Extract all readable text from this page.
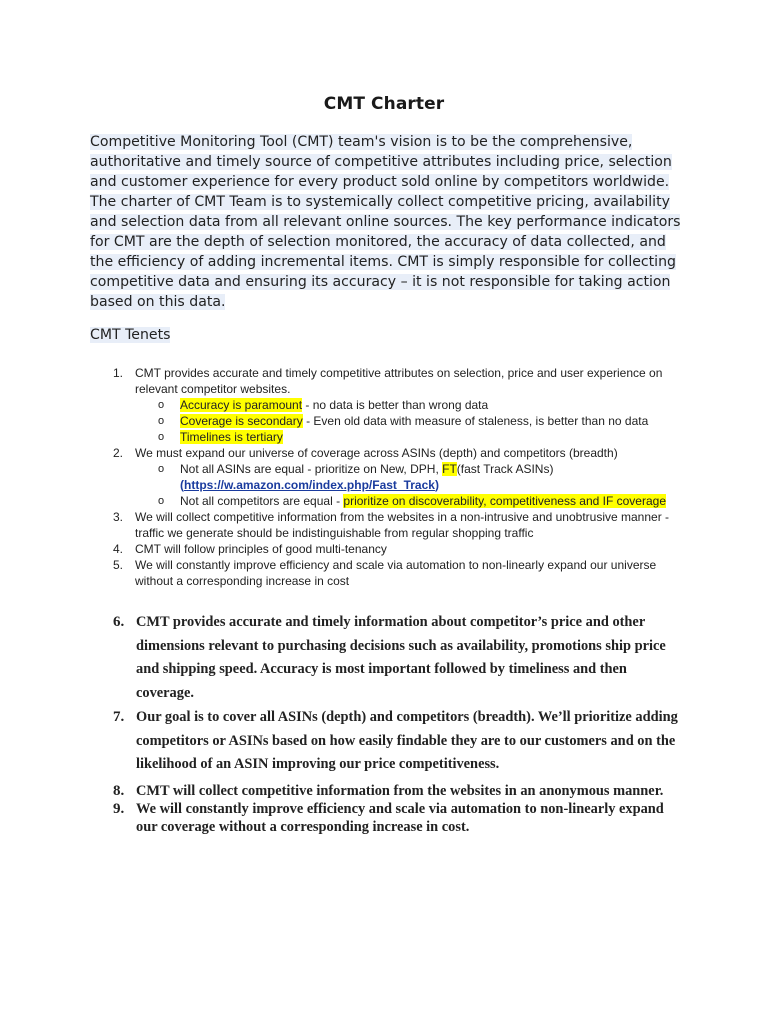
CMT Charter
Competitive Monitoring Tool (CMT) team's vision is to be the comprehensive, authoritative and timely source of competitive attributes including price, selection and customer experience for every product sold online by competitors worldwide. The charter of CMT Team is to systemically collect competitive pricing, availability and selection data from all relevant online sources. The key performance indicators for CMT are the depth of selection monitored, the accuracy of data collected, and the efficiency of adding incremental items. CMT is simply responsible for collecting competitive data and ensuring its accuracy – it is not responsible for taking action based on this data.
CMT Tenets
1. CMT provides accurate and timely competitive attributes on selection, price and user experience on relevant competitor websites.
o Accuracy is paramount - no data is better than wrong data
o Coverage is secondary - Even old data with measure of staleness, is better than no data
o Timelines is tertiary
2. We must expand our universe of coverage across ASINs (depth) and competitors (breadth)
o Not all ASINs are equal - prioritize on New, DPH, FT(fast Track ASINs)
(https://w.amazon.com/index.php/Fast_Track)
o Not all competitors are equal - prioritize on discoverability, competitiveness and IF coverage
3. We will collect competitive information from the websites in a non-intrusive and unobtrusive manner - traffic we generate should be indistinguishable from regular shopping traffic
4. CMT will follow principles of good multi-tenancy
5. We will constantly improve efficiency and scale via automation to non-linearly expand our universe without a corresponding increase in cost
6. CMT provides accurate and timely information about competitor’s price and other dimensions relevant to purchasing decisions such as availability, promotions ship price and shipping speed. Accuracy is most important followed by timeliness and then coverage.
7. Our goal is to cover all ASINs (depth) and competitors (breadth). We’ll prioritize adding competitors or ASINs based on how easily findable they are to our customers and on the likelihood of an ASIN improving our price competitiveness.
8. CMT will collect competitive information from the websites in an anonymous manner.
9. We will constantly improve efficiency and scale via automation to non-linearly expand our coverage without a corresponding increase in cost.
